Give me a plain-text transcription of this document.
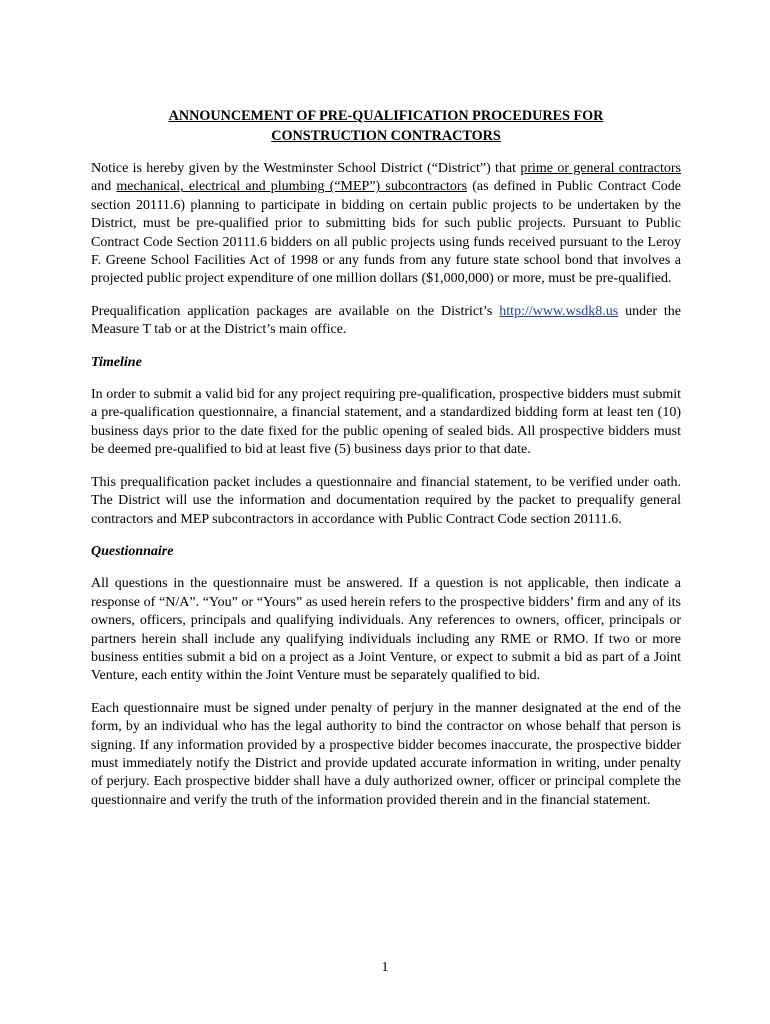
ANNOUNCEMENT OF PRE-QUALIFICATION PROCEDURES FOR
CONSTRUCTION CONTRACTORS

Notice is hereby given by the Westminster School District (“District”) that prime or general contractors and mechanical, electrical and plumbing (“MEP”) subcontractors (as defined in Public Contract Code section 20111.6) planning to participate in bidding on certain public projects to be undertaken by the District, must be pre-qualified prior to submitting bids for such public projects. Pursuant to Public Contract Code Section 20111.6 bidders on all public projects using funds received pursuant to the Leroy F. Greene School Facilities Act of 1998 or any funds from any future state school bond that involves a projected public project expenditure of one million dollars ($1,000,000) or more, must be pre-qualified.

Prequalification application packages are available on the District’s http://www.wsdk8.us under the Measure T tab or at the District’s main office.

Timeline

In order to submit a valid bid for any project requiring pre-qualification, prospective bidders must submit a pre-qualification questionnaire, a financial statement, and a standardized bidding form at least ten (10) business days prior to the date fixed for the public opening of sealed bids. All prospective bidders must be deemed pre-qualified to bid at least five (5) business days prior to that date.

This prequalification packet includes a questionnaire and financial statement, to be verified under oath. The District will use the information and documentation required by the packet to prequalify general contractors and MEP subcontractors in accordance with Public Contract Code section 20111.6.

Questionnaire

All questions in the questionnaire must be answered. If a question is not applicable, then indicate a response of “N/A”. “You” or “Yours” as used herein refers to the prospective bidders’ firm and any of its owners, officers, principals and qualifying individuals. Any references to owners, officer, principals or partners herein shall include any qualifying individuals including any RME or RMO. If two or more business entities submit a bid on a project as a Joint Venture, or expect to submit a bid as part of a Joint Venture, each entity within the Joint Venture must be separately qualified to bid.

Each questionnaire must be signed under penalty of perjury in the manner designated at the end of the form, by an individual who has the legal authority to bind the contractor on whose behalf that person is signing. If any information provided by a prospective bidder becomes inaccurate, the prospective bidder must immediately notify the District and provide updated accurate information in writing, under penalty of perjury. Each prospective bidder shall have a duly authorized owner, officer or principal complete the questionnaire and verify the truth of the information provided therein and in the financial statement.

1
